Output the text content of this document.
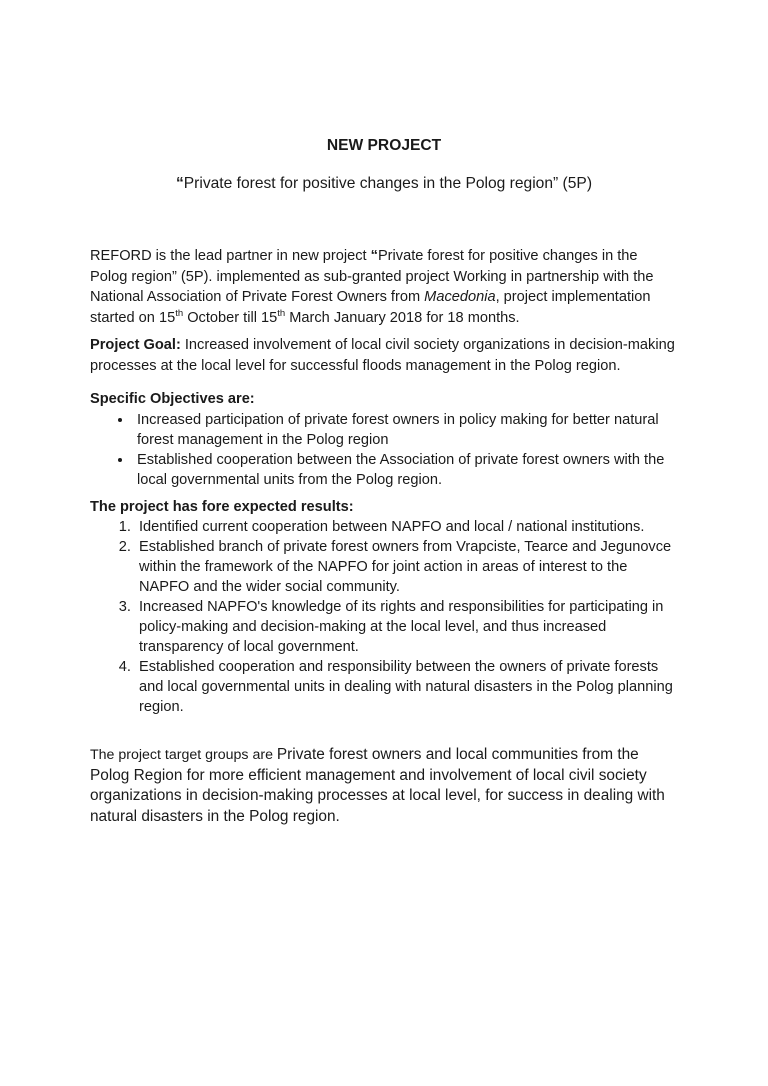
NEW PROJECT

“Private forest for positive changes in the Polog region” (5P)

REFORD is the lead partner in new project “Private forest for positive changes in the Polog region” (5P). implemented as sub-granted project Working in partnership with the National Association of Private Forest Owners from Macedonia, project implementation started on 15th October till 15th March January 2018 for 18 months.

Project Goal: Increased involvement of local civil society organizations in decision-making processes at the local level for successful floods management in the Polog region.

Specific Objectives are:

• Increased participation of private forest owners in policy making for better natural forest management in the Polog region
• Established cooperation between the Association of private forest owners with the local governmental units from the Polog region.

The project has fore expected results:

1. Identified current cooperation between NAPFO and local / national institutions.
2. Established branch of private forest owners from Vrapciste, Tearce and Jegunovce within the framework of the NAPFO for joint action in areas of interest to the NAPFO and the wider social community.
3. Increased NAPFO's knowledge of its rights and responsibilities for participating in policy-making and decision-making at the local level, and thus increased transparency of local government.
4. Established cooperation and responsibility between the owners of private forests and local governmental units in dealing with natural disasters in the Polog planning region.

The project target groups are Private forest owners and local communities from the Polog Region for more efficient management and involvement of local civil society organizations in decision-making processes at local level, for success in dealing with natural disasters in the Polog region.
